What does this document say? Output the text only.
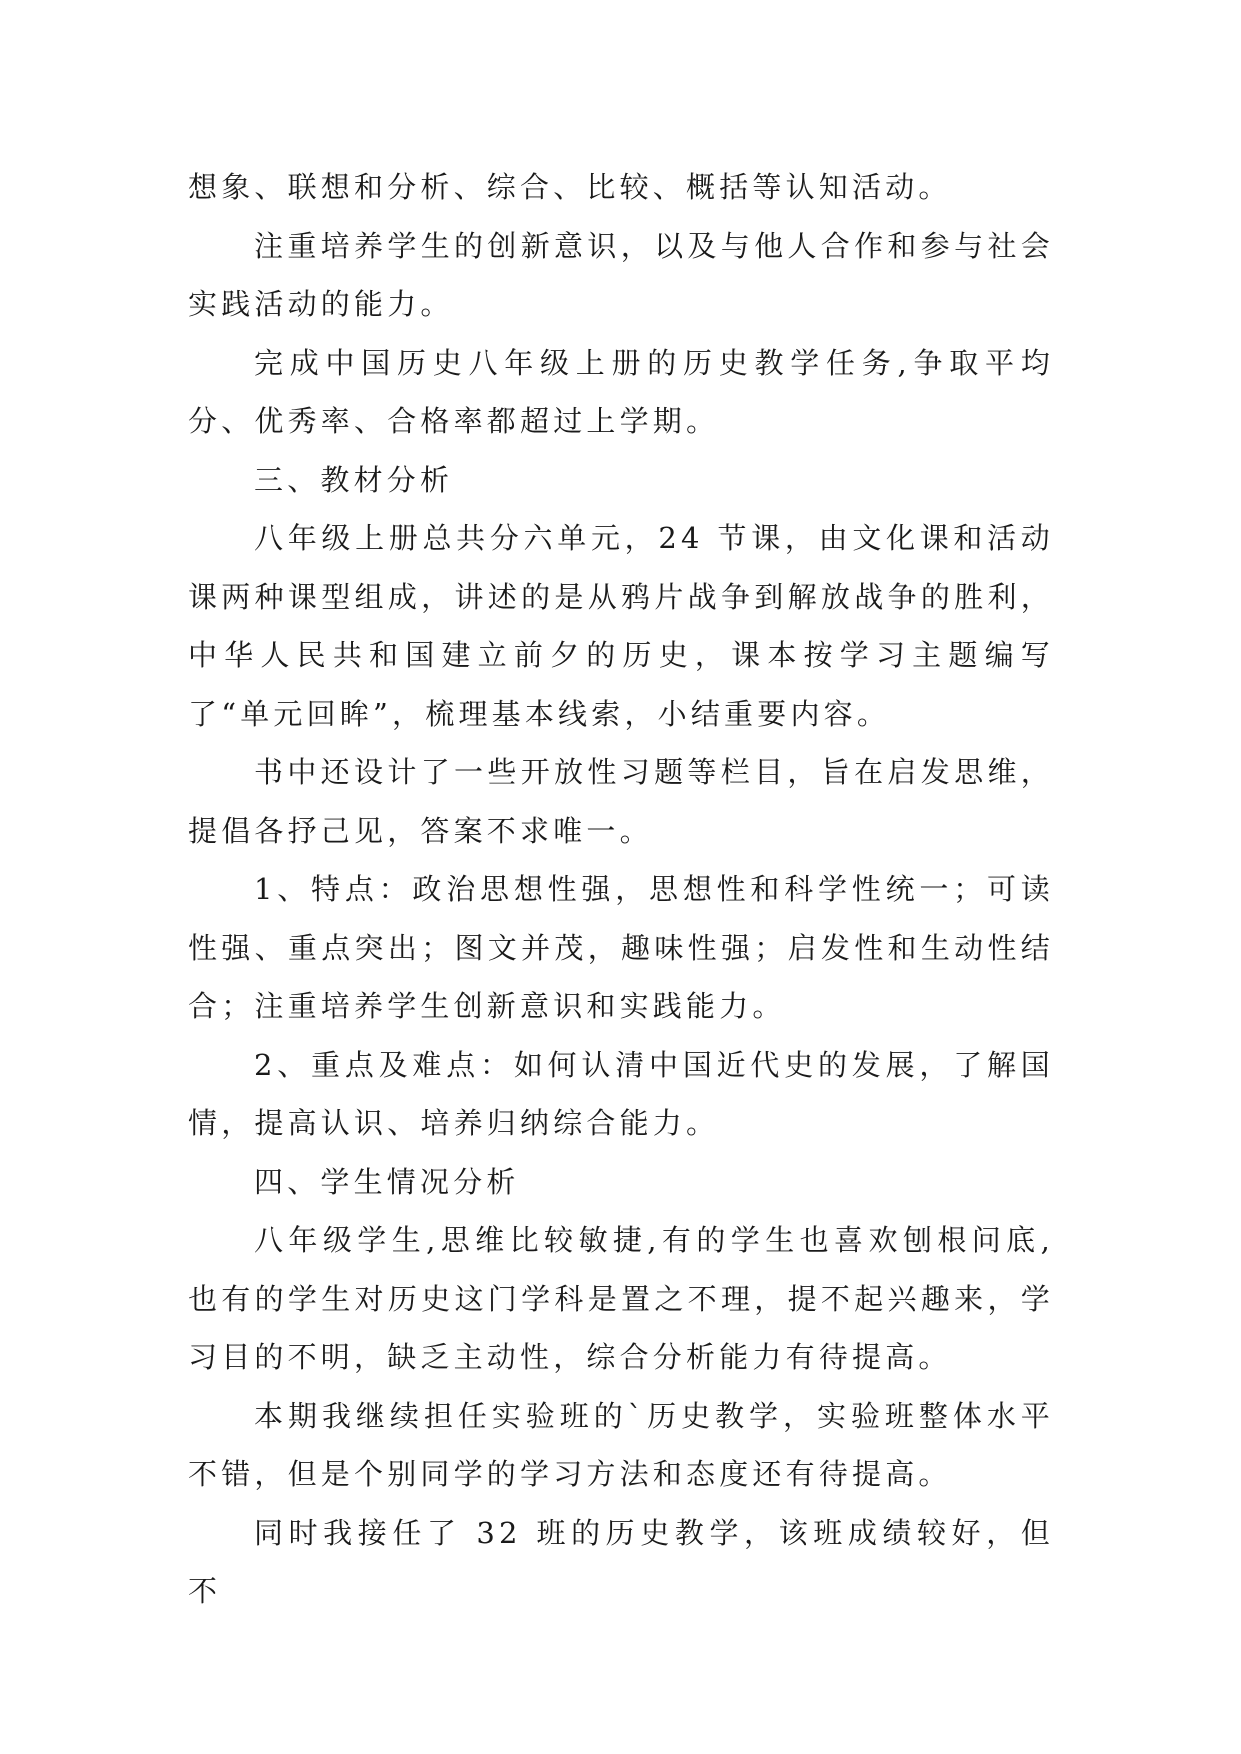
想象、联想和分析、综合、比较、概括等认知活动。

注重培养学生的创新意识，以及与他人合作和参与社会实践活动的能力。

完成中国历史八年级上册的历史教学任务,争取平均分、优秀率、合格率都超过上学期。

三、教材分析

八年级上册总共分六单元，24 节课，由文化课和活动课两种课型组成，讲述的是从鸦片战争到解放战争的胜利，中华人民共和国建立前夕的历史，课本按学习主题编写了“单元回眸”，梳理基本线索，小结重要内容。

书中还设计了一些开放性习题等栏目，旨在启发思维，提倡各抒己见，答案不求唯一。

1、特点：政治思想性强，思想性和科学性统一；可读性强、重点突出；图文并茂，趣味性强；启发性和生动性结合；注重培养学生创新意识和实践能力。

2、重点及难点：如何认清中国近代史的发展，了解国情，提高认识、培养归纳综合能力。

四、学生情况分析

八年级学生,思维比较敏捷,有的学生也喜欢刨根问底,也有的学生对历史这门学科是置之不理，提不起兴趣来，学习目的不明，缺乏主动性，综合分析能力有待提高。

本期我继续担任实验班的`历史教学，实验班整体水平不错，但是个别同学的学习方法和态度还有待提高。

同时我接任了 32 班的历史教学，该班成绩较好，但不
